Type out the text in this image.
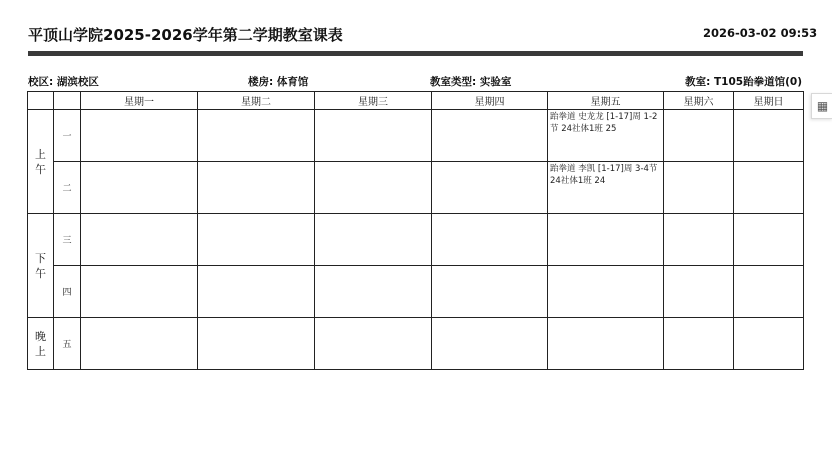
平顶山学院2025-2026学年第二学期教室课表	2026-03-02 09:53
校区: 湖滨校区	楼房: 体育馆	教室类型: 实验室	教室: T105跆拳道馆(0)
▦
		星期一	星期二	星期三	星期四	星期五	星期六	星期日

上
午	一					跆拳道 史龙龙 [1-17]周 1-2节 24社体1班 25		

	二					跆拳道 李凯 [1-17]周 3-4节 24社体1班 24		

下
午	三							
	四							

晚
上	五							
